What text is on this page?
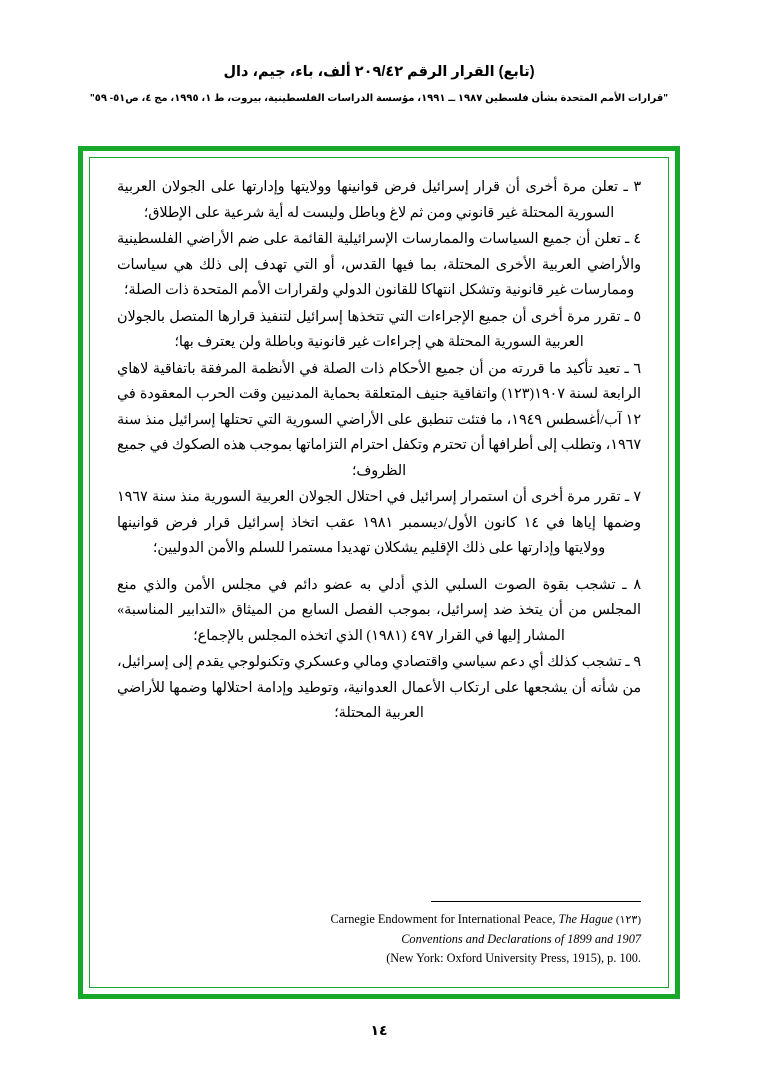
(تابع) القرار الرقم ٢٠٩/٤٢ ألف، باء، جيم، دال
"قرارات الأمم المتحدة بشأن فلسطين ١٩٨٧ ــ ١٩٩١، مؤسسة الدراسات الفلسطينية، بيروت، ط ١، ١٩٩٥، مج ٤، ص٥١- ٥٩"

٣ ـ تعلن مرة أخرى أن قرار إسرائيل فرض قوانينها وولايتها وإدارتها على الجولان العربية السورية المحتلة غير قانوني ومن ثم لاغ وباطل وليست له أية شرعية على الإطلاق؛

٤ ـ تعلن أن جميع السياسات والممارسات الإسرائيلية القائمة على ضم الأراضي الفلسطينية والأراضي العربية الأخرى المحتلة، بما فيها القدس، أو التي تهدف إلى ذلك هي سياسات وممارسات غير قانونية وتشكل انتهاكا للقانون الدولي ولقرارات الأمم المتحدة ذات الصلة؛

٥ ـ تقرر مرة أخرى أن جميع الإجراءات التي تتخذها إسرائيل لتنفيذ قرارها المتصل بالجولان العربية السورية المحتلة هي إجراءات غير قانونية وباطلة ولن يعترف بها؛

٦ ـ تعيد تأكيد ما قررته من أن جميع الأحكام ذات الصلة في الأنظمة المرفقة باتفاقية لاهاي الرابعة لسنة ١٩٠٧(١٢٣) واتفاقية جنيف المتعلقة بحماية المدنيين وقت الحرب المعقودة في ١٢ آب/أغسطس ١٩٤٩، ما فتئت تنطبق على الأراضي السورية التي تحتلها إسرائيل منذ سنة ١٩٦٧، وتطلب إلى أطرافها أن تحترم وتكفل احترام التزاماتها بموجب هذه الصكوك في جميع الظروف؛

٧ ـ تقرر مرة أخرى أن استمرار إسرائيل في احتلال الجولان العربية السورية منذ سنة ١٩٦٧ وضمها إياها في ١٤ كانون الأول/ديسمبر ١٩٨١ عقب اتخاذ إسرائيل قرار فرض قوانينها وولايتها وإدارتها على ذلك الإقليم يشكلان تهديدا مستمرا للسلم والأمن الدوليين؛

٨ ـ تشجب بقوة الصوت السلبي الذي أدلي به عضو دائم في مجلس الأمن والذي منع المجلس من أن يتخذ ضد إسرائيل، بموجب الفصل السابع من الميثاق «التدابير المناسبة» المشار إليها في القرار ٤٩٧ (١٩٨١) الذي اتخذه المجلس بالإجماع؛

٩ ـ تشجب كذلك أي دعم سياسي واقتصادي ومالي وعسكري وتكنولوجي يقدم إلى إسرائيل، من شأنه أن يشجعها على ارتكاب الأعمال العدوانية، وتوطيد وإدامة احتلالها وضمها للأراضي العربية المحتلة؛

Carnegie Endowment for International Peace, The Hague (١٢٣)
Conventions and Declarations of 1899 and 1907
(New York: Oxford University Press, 1915), p. 100.
١٤
